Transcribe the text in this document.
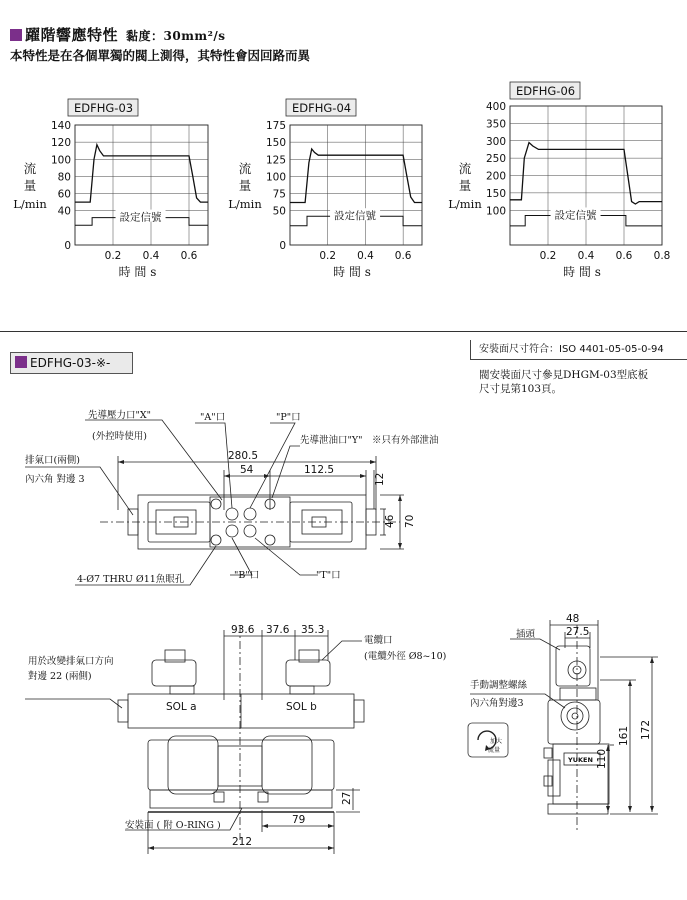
躍階響應特性 黏度：30mm²/s
本特性是在各個單獨的閥上測得，其特性會因回路而異
EDFHG-03
0
40
60
80
100
120
140
0.2 0.4 0.6
設定信號
流
量
L/min
時 間 s
EDFHG-04
0
50
75
100
125
150
175
0.2 0.4 0.6
設定信號
流
量
L/min
時 間 s
EDFHG-06
100
150
200
250
300
350
400
0.2 0.4 0.6 0.8
設定信號
流
量
L/min
時 間 s
EDFHG-03-※-
安裝面尺寸符合：ISO 4401-05-05-0-94
閥安裝面尺寸參見DHGM-03型底板
尺寸見第103頁。
先導壓力口"X"
(外控時使用)
"A"口	"P"口
先導泄油口"Y" ※只有外部泄油
排氣口(兩側)
內六角 對邊 3
4-Ø7 THRU Ø11魚眼孔	"B"口	"T"口
280.5
54	112.5
12
46 70
93.6 37.6 35.3
電纜口
(電纜外徑 Ø8~10)
用於改變排氣口方向
對邊 22 (兩側)
SOL a	SOL b
27
安裝面 ( 附 O-RING )	79
212
48
27.5
插頭
手動調整螺絲
內六角對邊3
110
161 172
YUKEN
加大
流量
